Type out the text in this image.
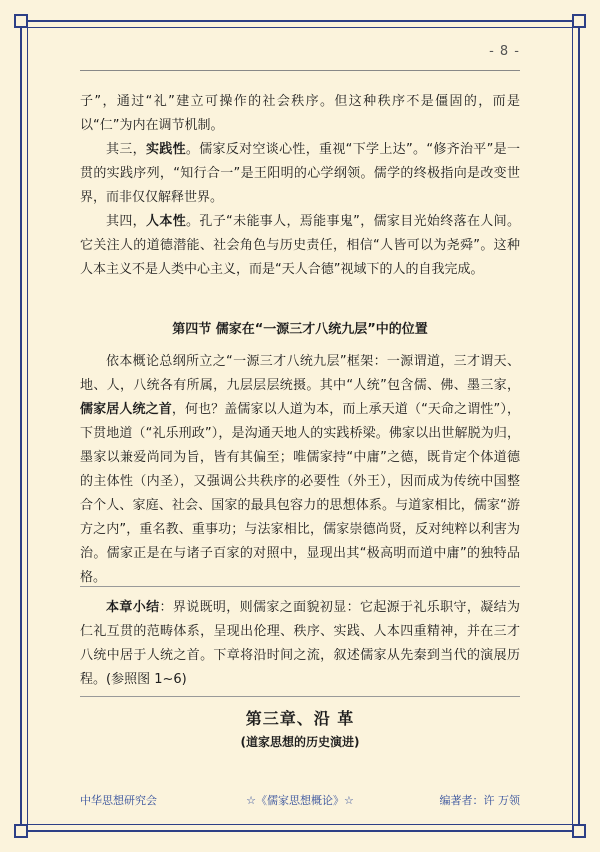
- 8 -

子”，通过“礼”建立可操作的社会秩序。但这种秩序不是僵固的，而是以“仁”为内在调节机制。

其三，实践性。儒家反对空谈心性，重视“下学上达”。“修齐治平”是一贯的实践序列，“知行合一”是王阳明的心学纲领。儒学的终极指向是改变世界，而非仅仅解释世界。

其四，人本性。孔子“未能事人，焉能事鬼”，儒家目光始终落在人间。它关注人的道德潜能、社会角色与历史责任，相信“人皆可以为尧舜”。这种人本主义不是人类中心主义，而是“天人合德”视域下的人的自我完成。

第四节 儒家在“一源三才八统九层”中的位置

依本概论总纲所立之“一源三才八统九层”框架：一源谓道，三才谓天、地、人，八统各有所属，九层层层统摄。其中“人统”包含儒、佛、墨三家，儒家居人统之首，何也？盖儒家以人道为本，而上承天道（“天命之谓性”），下贯地道（“礼乐刑政”），是沟通天地人的实践桥梁。佛家以出世解脱为归，墨家以兼爱尚同为旨，皆有其偏至；唯儒家持“中庸”之德，既肯定个体道德的主体性（内圣），又强调公共秩序的必要性（外王），因而成为传统中国整合个人、家庭、社会、国家的最具包容力的思想体系。与道家相比，儒家“游方之内”，重名教、重事功；与法家相比，儒家崇德尚贤，反对纯粹以利害为治。儒家正是在与诸子百家的对照中，显现出其“极高明而道中庸”的独特品格。

本章小结：界说既明，则儒家之面貌初显：它起源于礼乐职守，凝结为仁礼互贯的范畴体系，呈现出伦理、秩序、实践、人本四重精神，并在三才八统中居于人统之首。下章将沿时间之流，叙述儒家从先秦到当代的演展历程。(参照图 1~6)

第三章、沿 革
(道家思想的历史演进)
中华思想研究会	☆《儒家思想概论》☆	编著者：许 万领
